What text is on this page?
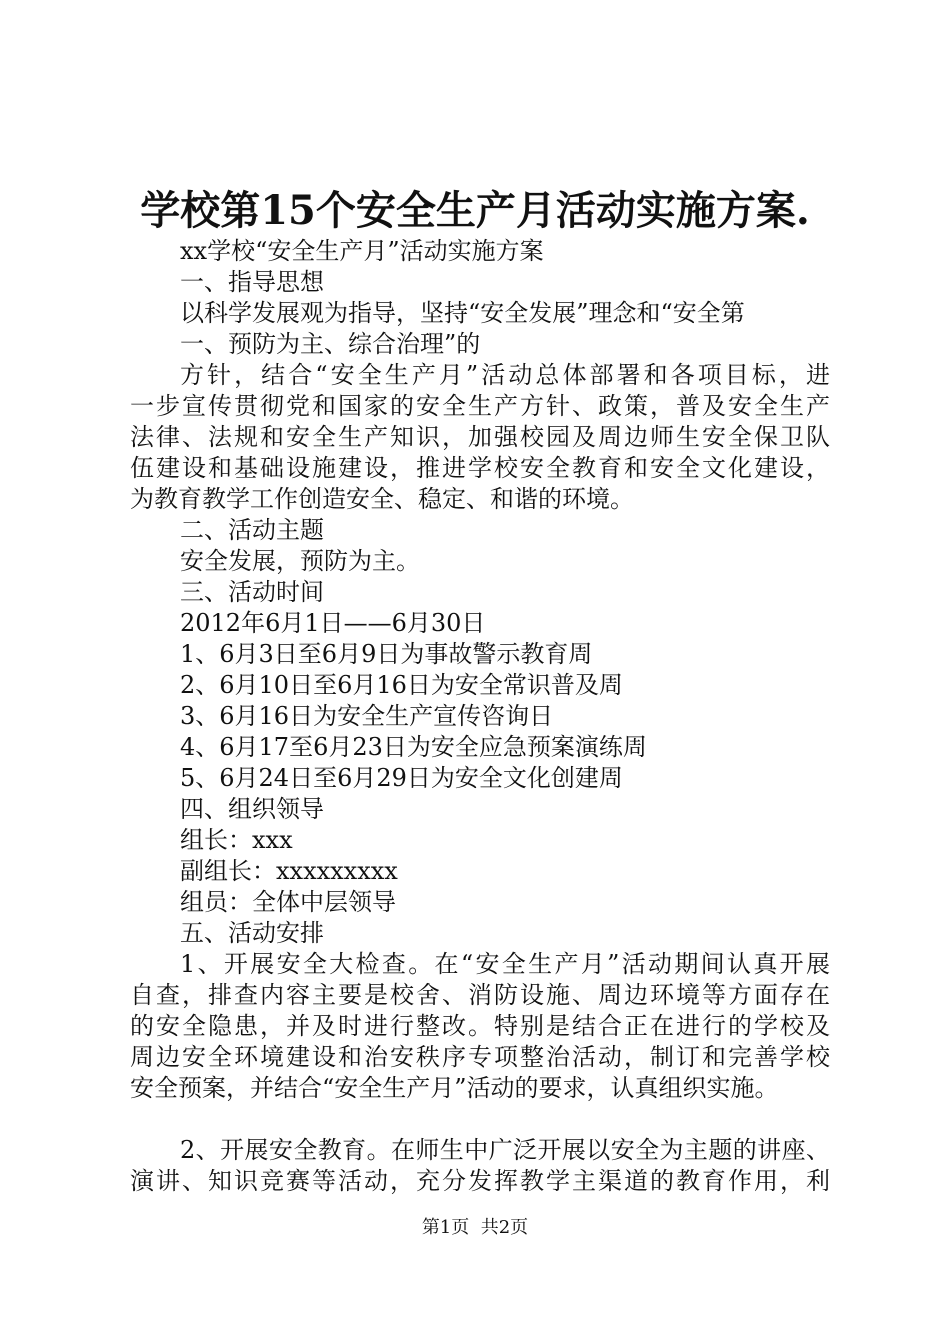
学校第15个安全生产月活动实施方案.
xx学校“安全生产月”活动实施方案
一、指导思想
以科学发展观为指导，坚持“安全发展”理念和“安全第
一、预防为主、综合治理”的
方针，结合“安全生产月”活动总体部署和各项目标，进
一步宣传贯彻党和国家的安全生产方针、政策，普及安全生产
法律、法规和安全生产知识，加强校园及周边师生安全保卫队
伍建设和基础设施建设，推进学校安全教育和安全文化建设，
为教育教学工作创造安全、稳定、和谐的环境。
二、活动主题
安全发展，预防为主。
三、活动时间
2012年6月1日——6月30日
1、6月3日至6月9日为事故警示教育周
2、6月10日至6月16日为安全常识普及周
3、6月16日为安全生产宣传咨询日
4、6月17至6月23日为安全应急预案演练周
5、6月24日至6月29日为安全文化创建周
四、组织领导
组长：xxx
副组长：xxxxxxxxx
组员：全体中层领导
五、活动安排
1、开展安全大检查。在“安全生产月”活动期间认真开展
自查，排查内容主要是校舍、消防设施、周边环境等方面存在
的安全隐患，并及时进行整改。特别是结合正在进行的学校及
周边安全环境建设和治安秩序专项整治活动，制订和完善学校
安全预案，并结合“安全生产月”活动的要求，认真组织实施。
2、开展安全教育。在师生中广泛开展以安全为主题的讲座、
演讲、知识竞赛等活动，充分发挥教学主渠道的教育作用，利
第1页  共2页
